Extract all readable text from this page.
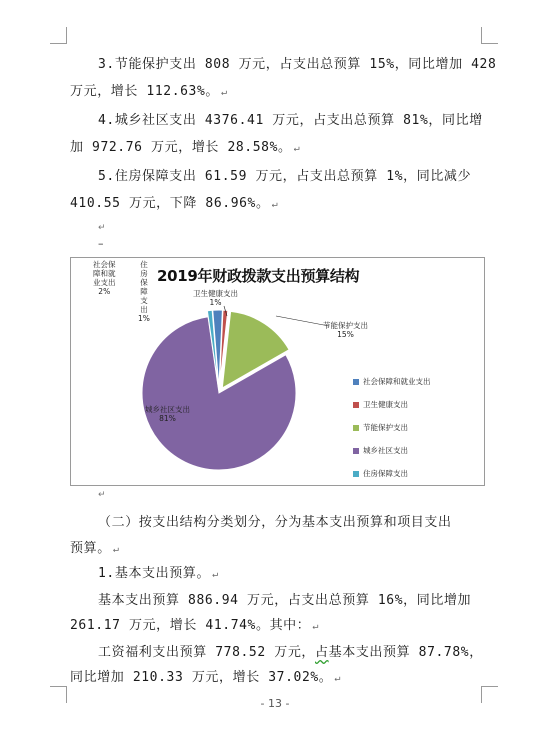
3.节能保护支出 808 万元，占支出总预算 15%，同比增加 428
万元，增长 112.63%。 ↵
4.城乡社区支出 4376.41 万元，占支出总预算 81%，同比增
加 972.76 万元，增长 28.58%。 ↵
5.住房保障支出 61.59 万元，占支出总预算 1%，同比减少
410.55 万元，下降 86.96%。 ↵
↵
–
2019年财政拨款支出预算结构
社会保
障和就
业支出
2%
住
房
保
障
支
出
1%
卫生健康支出
1%
节能保护支出
15%
城乡社区支出
81%
社会保障和就业支出
卫生健康支出
节能保护支出
城乡社区支出
住房保障支出
↵
（二）按支出结构分类划分，分为基本支出预算和项目支出
预算。 ↵
1.基本支出预算。 ↵
基本支出预算 886.94 万元，占支出总预算 16%，同比增加
261.17 万元，增长 41.74%。其中： ↵
工资福利支出预算 778.52 万元，占基本支出预算 87.78%，
同比增加 210.33 万元，增长 37.02%。 ↵
- 13 -
